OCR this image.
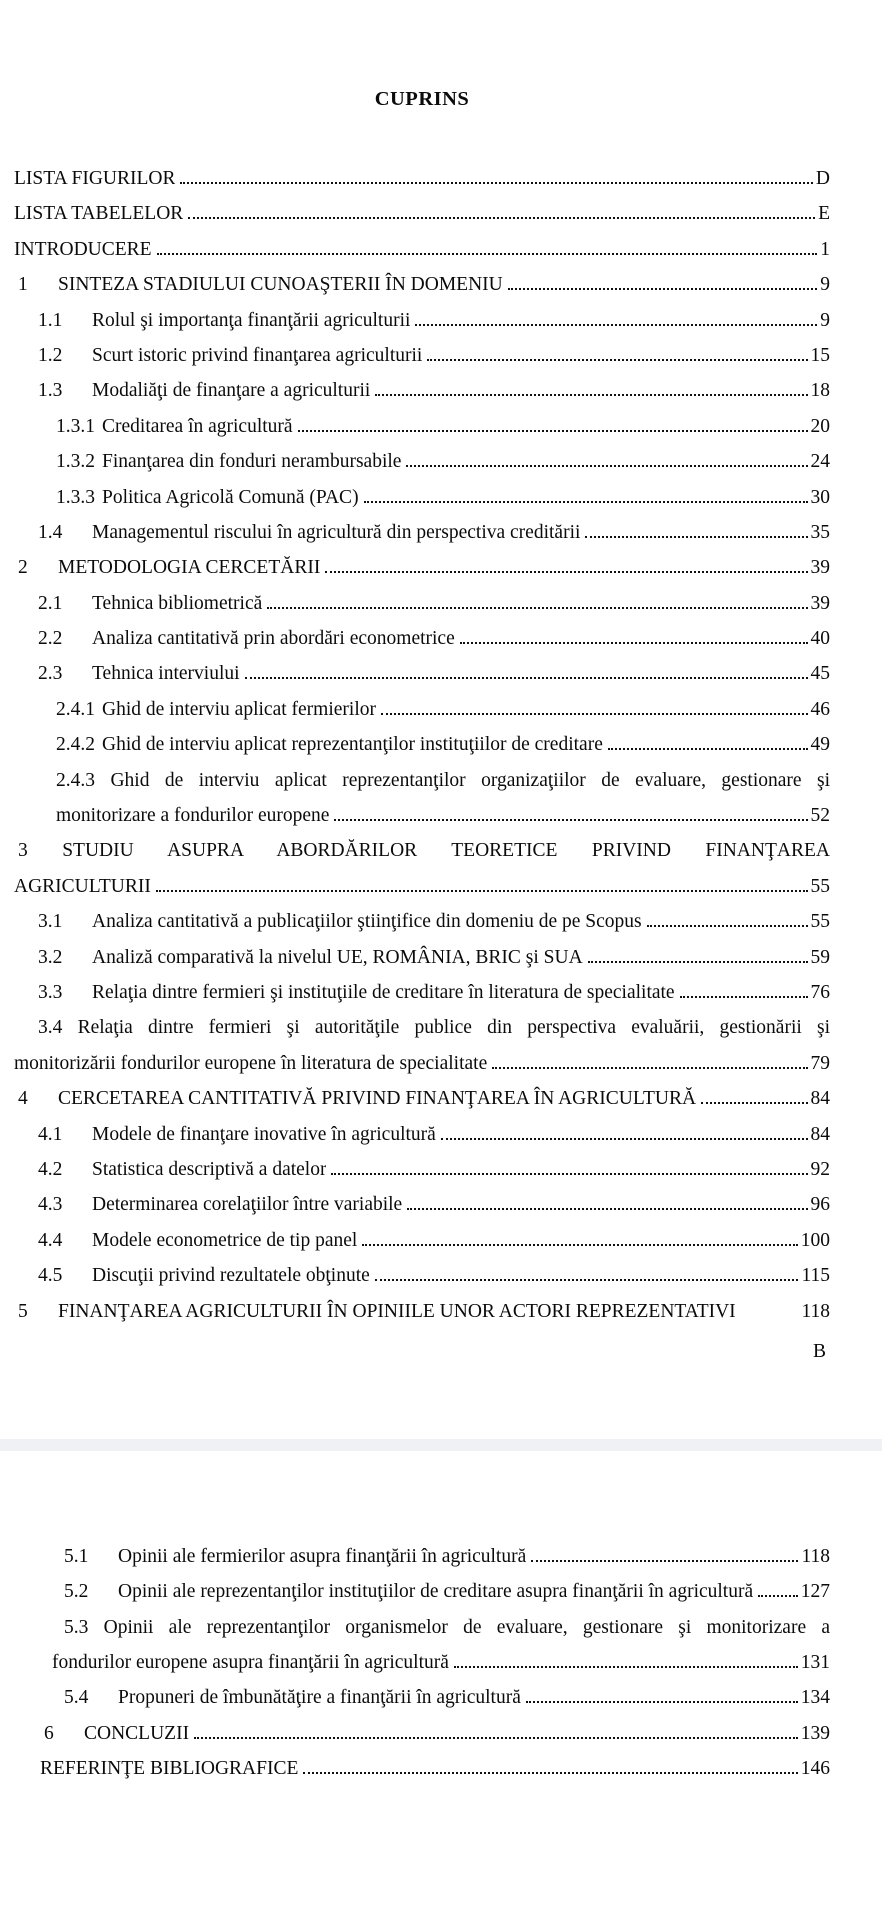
CUPRINS
LISTA FIGURILOR	D
LISTA TABELELOR	E
INTRODUCERE	1
1	SINTEZA STADIULUI CUNOAŞTERII ÎN DOMENIU	9
1.1	Rolul şi importanţa finanţării agriculturii	9
1.2	Scurt istoric privind finanţarea agriculturii	15
1.3	Modaliăţi de finanţare a agriculturii	18
1.3.1 Creditarea în agricultură	20
1.3.2 Finanţarea din fonduri nerambursabile	24
1.3.3 Politica Agricolă Comună (PAC)	30
1.4	Managementul riscului în agricultură din perspectiva creditării	35
2	METODOLOGIA CERCETĂRII	39
2.1	Tehnica bibliometrică	39
2.2	Analiza cantitativă prin abordări econometrice	40
2.3	Tehnica interviului	45
2.4.1 Ghid de interviu aplicat fermierilor	46
2.4.2 Ghid de interviu aplicat reprezentanţilor instituţiilor de creditare	49
2.4.3 Ghid de interviu aplicat reprezentanţilor organizaţiilor de evaluare, gestionare şi
monitorizare a fondurilor europene	52
3 STUDIU ASUPRA ABORDĂRILOR TEORETICE PRIVIND FINANŢAREA
AGRICULTURII	55
3.1	Analiza cantitativă a publicaţiilor ştiinţifice din domeniu de pe Scopus	55
3.2	Analiză comparativă la nivelul UE, ROMÂNIA, BRIC şi SUA	59
3.3	Relaţia dintre fermieri şi instituţiile de creditare în literatura de specialitate	76
3.4 Relaţia dintre fermieri şi autorităţile publice din perspectiva evaluării, gestionării şi
monitorizării fondurilor europene în literatura de specialitate	79
4	CERCETAREA CANTITATIVĂ PRIVIND FINANŢAREA ÎN AGRICULTURĂ	84
4.1	Modele de finanţare inovative în agricultură	84
4.2	Statistica descriptivă a datelor	92
4.3	Determinarea corelaţiilor între variabile	96
4.4	Modele econometrice de tip panel	100
4.5	Discuţii privind rezultatele obţinute	115
5	FINANŢAREA AGRICULTURII ÎN OPINIILE UNOR ACTORI REPREZENTATIVI	118
B
5.1	Opinii ale fermierilor asupra finanţării în agricultură	118
5.2	Opinii ale reprezentanţilor instituţiilor de creditare asupra finanţării în agricultură 127
5.3 Opinii ale reprezentanţilor organismelor de evaluare, gestionare şi monitorizare a
fondurilor europene asupra finanţării în agricultură	131
5.4	Propuneri de îmbunătăţire a finanţării în agricultură	134
6	CONCLUZII	139
REFERINŢE BIBLIOGRAFICE	146
